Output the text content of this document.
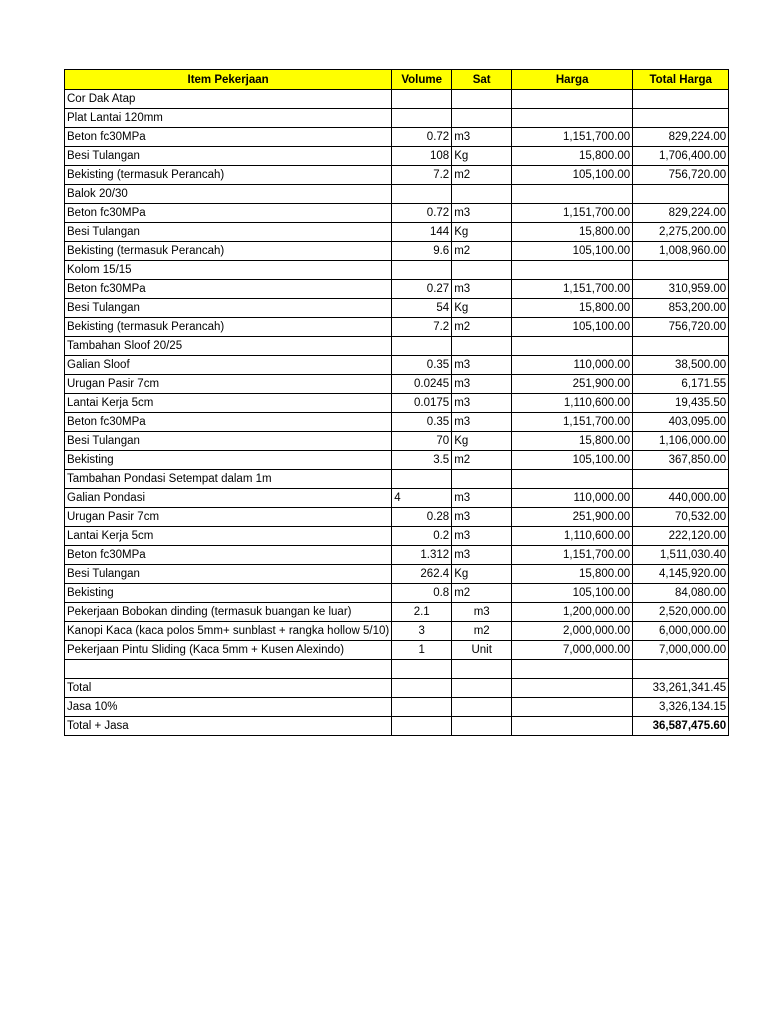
Item Pekerjaan	Volume	Sat	Harga	Total Harga
Cor Dak Atap				
Plat Lantai 120mm				
Beton fc30MPa	0.72	m3	1,151,700.00	829,224.00
Besi Tulangan	108	Kg	15,800.00	1,706,400.00
Bekisting (termasuk Perancah)	7.2	m2	105,100.00	756,720.00
Balok 20/30				
Beton fc30MPa	0.72	m3	1,151,700.00	829,224.00
Besi Tulangan	144	Kg	15,800.00	2,275,200.00
Bekisting (termasuk Perancah)	9.6	m2	105,100.00	1,008,960.00
Kolom 15/15				
Beton fc30MPa	0.27	m3	1,151,700.00	310,959.00
Besi Tulangan	54	Kg	15,800.00	853,200.00
Bekisting (termasuk Perancah)	7.2	m2	105,100.00	756,720.00
Tambahan Sloof 20/25				
Galian Sloof	0.35	m3	110,000.00	38,500.00
Urugan Pasir 7cm	0.0245	m3	251,900.00	6,171.55
Lantai Kerja 5cm	0.0175	m3	1,110,600.00	19,435.50
Beton fc30MPa	0.35	m3	1,151,700.00	403,095.00
Besi Tulangan	70	Kg	15,800.00	1,106,000.00
Bekisting	3.5	m2	105,100.00	367,850.00
Tambahan Pondasi Setempat dalam 1m				
Galian Pondasi	4	m3	110,000.00	440,000.00
Urugan Pasir 7cm	0.28	m3	251,900.00	70,532.00
Lantai Kerja 5cm	0.2	m3	1,110,600.00	222,120.00
Beton fc30MPa	1.312	m3	1,151,700.00	1,511,030.40
Besi Tulangan	262.4	Kg	15,800.00	4,145,920.00
Bekisting	0.8	m2	105,100.00	84,080.00
Pekerjaan Bobokan dinding (termasuk buangan ke luar)	2.1	m3	1,200,000.00	2,520,000.00
Kanopi Kaca (kaca polos 5mm+ sunblast + rangka hollow 5/10)	3	m2	2,000,000.00	6,000,000.00
Pekerjaan Pintu Sliding (Kaca 5mm + Kusen Alexindo)	1	Unit	7,000,000.00	7,000,000.00

Total				33,261,341.45
Jasa 10%				3,326,134.15
Total + Jasa				36,587,475.60
